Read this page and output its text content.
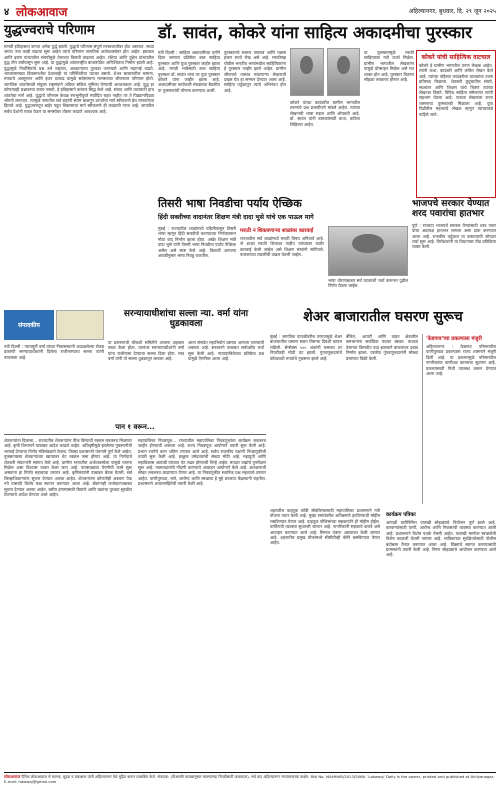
४ लोकआवाज	अहिल्यानगर, बुधवार, दि. २९ जून २०२५
युद्धज्वराचे परिणाम
मानवी इतिहासात जगात अनेक युद्धे झाली. युद्धाचे परिणाम संपूर्ण मानवजातीवर होत असतात. सध्या जगात ज्या काही लढाया सुरू आहेत त्याचे परिणाम जागतिक अर्थव्यवस्थेवर होत आहेत. इस्रायल आणि इराण यांच्यातील संघर्षामुळे तेलाच्या किमती वाढल्या आहेत. रशिया आणि युक्रेन यांच्यातील युद्ध तीन वर्षांपासून सुरू आहे. या युद्धांमुळे आंतरराष्ट्रीय बाजारपेठेत अनिश्चितता निर्माण झाली आहे. युद्धामुळे निर्वासितांचे प्रश्न उभे राहतात, अन्नधान्याचा तुटवडा जाणवतो आणि महागाई वाढते. भारतासारख्या विकसनशील देशालाही या परिस्थितीचा फटका बसतो. शेअर बाजारातील घसरण, रुपयाचे अवमूल्यन आणि इंधन दरवाढ यामुळे सर्वसामान्य माणसाच्या जीवनावर परिणाम होतो. जागतिक शांततेसाठी संयुक्त राष्ट्रसंघाने अधिक सक्रिय भूमिका घेण्याची आवश्यकता आहे. युद्ध हा कोणत्याही प्रश्नावरचा उपाय नसतो, हे इतिहासाने वारंवार सिद्ध केले आहे. संवाद आणि वाटाघाटी हाच शांततेचा मार्ग आहे. युद्धाचे परिणाम केवळ रणभूमीपुरते मर्यादित राहत नाहीत तर ते पिढ्यानपिढ्या भोगावे लागतात. त्यामुळे जगातील सर्व राष्ट्रांनी संयम बाळगून शांततेचा मार्ग स्वीकारणे हेच मानवतेच्या हिताचे आहे. युद्धज्वरातून बाहेर पडून विकासाचा मार्ग स्वीकारणे ही काळाची गरज आहे. जगातील सर्वच देशांनी एकत्र येऊन या समस्येवर तोडगा काढणे आवश्यक आहे.
डॉ. सावंत, कोकरे यांना साहित्य अकादमीचा पुरस्कार
नवी दिल्ली : साहित्य अकादमीच्या वतीने दिला जाणारा प्रतिष्ठेचा बाल साहित्य पुरस्कार आणि युवा पुरस्कार जाहीर झाला आहे. मराठी भाषेसाठी बाल साहित्य पुरस्कार डॉ. सावंत यांना तर युवा पुरस्कार कोकरे यांना जाहीर झाला आहे. अकादमीच्या कार्यकारी मंडळाच्या बैठकीत या पुरस्कारांची घोषणा करण्यात आली.
पुरस्काराचे स्वरूप ताम्रपत्र आणि पन्नास हजार रुपये रोख असे आहे. मराठीसह चोवीस भारतीय भाषांमधील साहित्यिकांना हे पुरस्कार जाहीर झाले आहेत. ग्रामीण जीवनाचे वास्तव मांडणाऱ्या लेखनाची दखल घेत हा सन्मान देण्यात आला आहे. साहित्य वर्तुळातून त्यांचे अभिनंदन होत आहे.
कोकरे यांच्या कादंबरीत ग्रामीण भागातील तरुणांचे प्रश्न प्रभावीपणे मांडले आहेत. त्यांच्या लेखनाची भाषा सहज आणि ओघवती आहे. डॉ. सावंत यांनी बालकांसाठी कथा, कविता लिहिल्या आहेत.
या पुरस्कारामुळे मराठी साहित्याला नवी ऊर्जा मिळेल. ग्रामीण भागातील लेखकांना यामुळे प्रोत्साहन मिळेल असे मत व्यक्त होत आहे. पुरस्कार वितरण सोहळा लवकरच होणार आहे.
कोकरे यांची साहित्यिक वाटचाल
कोकरे हे ग्रामीण भागातील तरुण लेखक आहेत. त्यांनी कथा, कादंबरी आणि ललित लेखन केले आहे. त्यांच्या पहिल्या कादंबरीला वाचकांचा उत्तम प्रतिसाद मिळाला. शेतकरी कुटुंबातील संघर्ष, स्थलांतर आणि शिक्षण यांचे चित्रण त्यांच्या लेखनात दिसते. विविध साहित्य संमेलनांत त्यांनी सहभाग घेतला आहे. त्यांच्या लेखनाला राज्य शासनाचा पुरस्कारही मिळाला आहे. युवा पिढीतील महत्त्वाचे लेखक म्हणून त्यांच्याकडे पाहिले जाते.
तिसरी भाषा निवडीचा पर्याय ऐच्छिक
हिंदी सक्तीच्या वादानंतर शिक्षण मंत्री दादा भुसे यांचे एक पाऊल मागे
मुंबई : राज्यातील शाळांमध्ये पहिलीपासून तिसरी भाषा म्हणून हिंदी सक्तीची करण्याच्या निर्णयावरून मोठा वाद निर्माण झाला होता. अखेर शिक्षण मंत्री दादा भुसे यांनी तिसरी भाषा निवडीचा पर्याय ऐच्छिक असेल असे स्पष्ट केले आहे. विद्यार्थी आपल्या आवडीनुसार भाषा निवडू शकतील.
मराठी न शिकवणाऱ्या शाळांवर कारवाई
राज्यातील सर्व शाळांमध्ये मराठी विषय अनिवार्य आहे. जे शाळा मराठी शिकवत नाहीत त्यांच्यावर कठोर कारवाई केली जाईल असे शिक्षण मंत्र्यांनी सांगितले. पालकांच्या तक्रारींची दखल घेतली जाईल.
भाषा धोरणाबाबत सर्व घटकांशी चर्चा करूनच पुढील निर्णय घेतला जाईल.
भाजपचे सरकार येण्यात शरद पवारांचा हातभार
पुणे : राज्यात भाजपचे सरकार येण्यासाठी शरद पवार यांचा अप्रत्यक्ष हातभार लागला असा दावा करण्यात आला आहे. राजकीय वर्तुळात या वक्तव्याची जोरदार चर्चा सुरू आहे. विरोधकांनी या विधानावर तीव्र प्रतिक्रिया व्यक्त केली.
सरन्यायाधीशांचा सल्ला न्या. वर्मा यांना धुडकावला
नवी दिल्ली : न्यायमूर्ती वर्मा यांच्या निवासस्थानी आढळलेल्या रोकड प्रकरणी सरन्यायाधीशांनी दिलेला राजीनाम्याचा सल्ला त्यांनी नाकारला आहे.
या प्रकरणाची चौकशी समितीने आपला अहवाल सादर केला होता. त्यानंतर सरन्यायाधीशांनी वर्मा यांना राजीनामा देण्याचा सल्ला दिला होता. मात्र वर्मा यांनी तो सल्ला धुडकावून लावला आहे.
आता संसदेत महाभियोग प्रस्ताव आणला जाण्याची शक्यता आहे. सरकारने याबाबत सर्वपक्षीय चर्चा सुरू केली आहे. न्यायपालिकेच्या प्रतिष्ठेचा प्रश्न यामुळे ऐरणीवर आला आहे.
संपादकीय
शेअर बाजारातील घसरण सुरूच
मुंबई : जागतिक पातळीवरील तणावामुळे शेअर बाजारातील घसरण सलग तिसऱ्या दिवशी कायम राहिली. सेन्सेक्स ५०० अंकांनी घसरला तर निफ्टीतही मोठी घट झाली. गुंतवणूकदारांचे कोट्यवधी रुपयांचे नुकसान झाले आहे.
बँकिंग, आयटी आणि वाहन क्षेत्रातील समभागांना सर्वाधिक फटका बसला. कच्च्या तेलाच्या किमतीत वाढ झाल्याने बाजारावर दबाव निर्माण झाला. परकीय गुंतवणूकदारांनी मोठ्या प्रमाणात विक्री केली.
'केडगाव'च्या प्रकल्पाला मंजुरी
अहिल्यानगर : केडगाव परिसरातील पाणीपुरवठा प्रकल्पाला राज्य शासनाने मंजुरी दिली आहे. या प्रकल्पामुळे परिसरातील नागरिकांचा पाणीप्रश्न कायमचा सुटणार आहे. प्रकल्पासाठी निधी उपलब्ध करून देण्यात आला आहे.
पान १ वरून...
शेतकऱ्यांना दिलासा... राज्यातील शेतकऱ्यांना पीक विम्याची रक्कम लवकरच मिळणार आहे. कृषी विभागाने याबाबत आदेश काढले आहेत. अतिवृष्टीमुळे झालेल्या नुकसानीची भरपाई देण्याचा निर्णय मंत्रिमंडळाने घेतला. जिल्हा प्रशासनाने पंचनामे पूर्ण केले आहेत. नुकसानग्रस्त शेतकऱ्यांच्या खात्यावर थेट रक्कम जमा होणार आहे. या निर्णयाचे शेतकरी संघटनांनी स्वागत केले आहे. ग्रामीण भागातील अर्थव्यवस्थेला यामुळे चालना मिळेल असा विश्वास व्यक्त केला जात आहे. पावसाळ्यात पेरणीची कामे सुरू असताना हा निर्णय महत्त्वाचा ठरणार आहे. कृषिमंत्र्यांनी याबाबत बैठक घेतली. सर्व जिल्हाधिकाऱ्यांना सूचना देण्यात आल्या आहेत. शेतकऱ्यांना कोणतीही अडचण येऊ नये यासाठी विशेष कक्ष स्थापन करण्यात आला आहे. बँकांनाही कर्जवाटपाबाबत सूचना देण्यात आल्या आहेत. खरीप हंगामासाठी बियाणे आणि खतांचा पुरवठा सुरळीत ठेवण्याचे आदेश देण्यात आले आहेत.
महापालिका निवडणूक... राज्यातील महापालिका निवडणुकांचा कार्यक्रम लवकरच जाहीर होण्याची शक्यता आहे. राज्य निवडणूक आयोगाने तयारी सुरू केली आहे. प्रभाग रचनेचे काम अंतिम टप्प्यात आले आहे. सर्वच राजकीय पक्षांनी निवडणुकीची तयारी सुरू केली आहे. इच्छुक उमेदवारांची संख्या मोठी आहे. महायुती आणि महाविकास आघाडी यांच्यात थेट लढत होण्याची चिन्हे आहेत. मतदार याद्यांचे पुनरीक्षण सुरू आहे. नवमतदारांची नोंदणी करण्याचे आवाहन आयोगाने केले आहे. आरक्षणाची सोडत लवकरच काढण्यात येणार आहे. या निवडणुकीत स्थानिक प्रश्न महत्त्वाचे ठरणार आहेत. पाणीपुरवठा, रस्ते, आरोग्य आणि स्वच्छता हे मुद्दे प्रचारात केंद्रस्थानी राहतील. प्रशासनाने आचारसंहितेची तयारी केली आहे.
शहरातील वाहतूक कोंडी सोडविण्यासाठी महापालिका प्रशासनाने नवी योजना तयार केली आहे. मुख्य रस्त्यांवरील अतिक्रमणे हटविण्याची मोहीम राबविण्यात येणार आहे. वाहतूक पोलिसांच्या सहकार्याने ही मोहीम होईल. पार्किंगची व्यवस्था सुधारली जाणार आहे. नागरिकांनी सहकार्य करावे असे आवाहन करण्यात आले आहे. सिग्नल यंत्रणा अद्ययावत केली जाणार आहे. शहरातील प्रमुख चौकांमध्ये सीसीटीव्ही कॅमेरे बसविण्यात येणार आहेत.
कार्यक्रम पत्रिका
आषाढी वारीनिमित्त पालखी सोहळ्याचे नियोजन पूर्ण झाले आहे. वारकऱ्यांसाठी पाणी, आरोग्य आणि निवासाची व्यवस्था करण्यात आली आहे. प्रशासनाने विशेष पथके नेमली आहेत. पालखी मार्गावर स्वच्छतेची विशेष काळजी घेतली जाणार आहे. भाविकांच्या सुरक्षिततेसाठी पोलीस बंदोबस्त तैनात करण्यात आला आहे. दिंड्यांचे स्वागत करण्यासाठी ग्रामस्थांनी तयारी केली आहे. रिंगण सोहळ्याचे आयोजन करण्यात आले आहे.
लोकआवाज दैनिक लोकआवाज चे मालक, मुद्रक व प्रकाशक यांनी अहिल्यानगर येथे मुद्रित करून प्रकाशित केले. संपादक: (पीआरबी कायद्यानुसार बातम्यांच्या निवडीसाठी जबाबदार). सर्व वाद अहिल्यानगर न्यायालयाच्या कक्षेत. RNI No. MAHMAR/2013/5066. 'Lokawaj' Daily is the owner, printed and published at Ahilyanagar. E-mail: lokawaj@gmail.com
